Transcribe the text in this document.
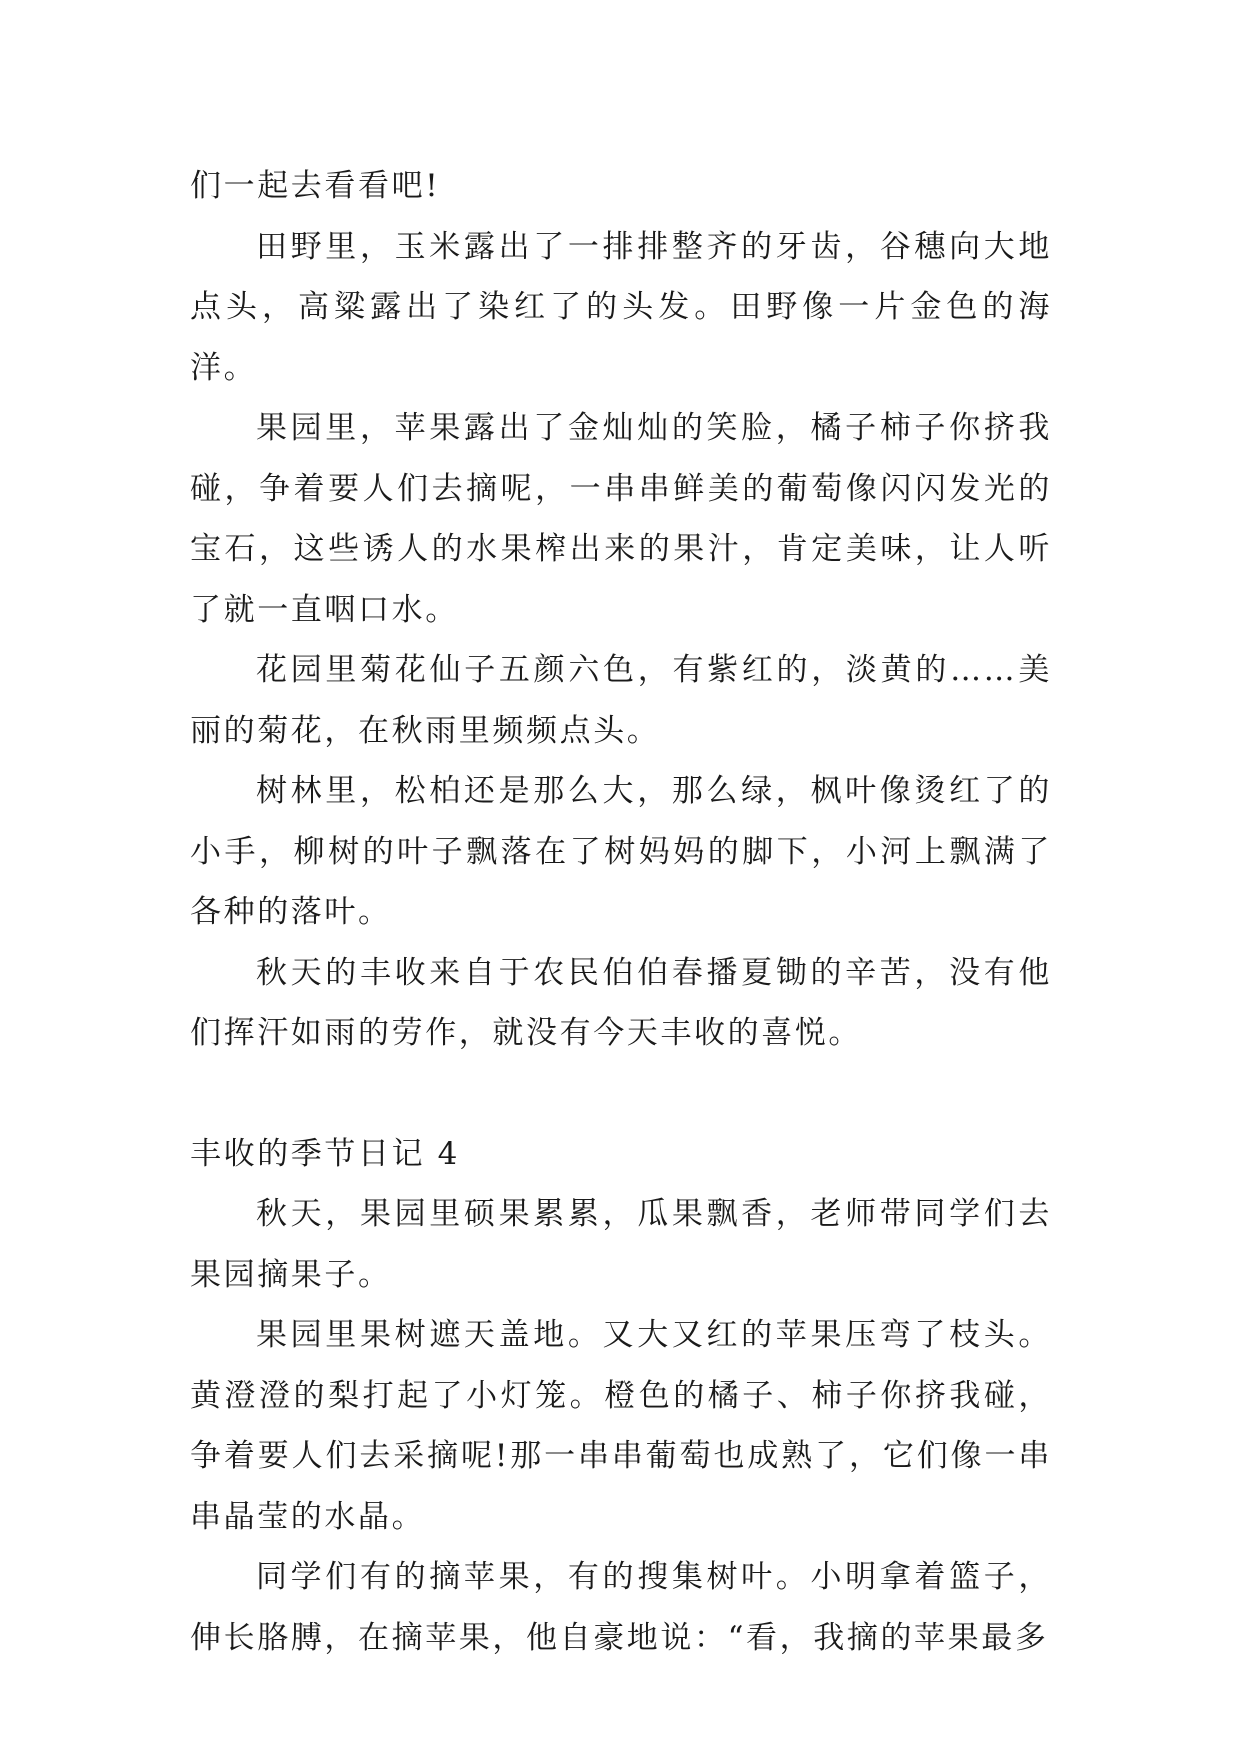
们一起去看看吧!

田野里，玉米露出了一排排整齐的牙齿，谷穗向大地点头，高粱露出了染红了的头发。田野像一片金色的海洋。

果园里，苹果露出了金灿灿的笑脸，橘子柿子你挤我碰，争着要人们去摘呢，一串串鲜美的葡萄像闪闪发光的宝石，这些诱人的水果榨出来的果汁，肯定美味，让人听了就一直咽口水。

花园里菊花仙子五颜六色，有紫红的，淡黄的……美丽的菊花，在秋雨里频频点头。

树林里，松柏还是那么大，那么绿，枫叶像烫红了的小手，柳树的叶子飘落在了树妈妈的脚下，小河上飘满了各种的落叶。

秋天的丰收来自于农民伯伯春播夏锄的辛苦，没有他们挥汗如雨的劳作，就没有今天丰收的喜悦。

丰收的季节日记 4

秋天，果园里硕果累累，瓜果飘香，老师带同学们去果园摘果子。

果园里果树遮天盖地。又大又红的苹果压弯了枝头。黄澄澄的梨打起了小灯笼。橙色的橘子、柿子你挤我碰，争着要人们去采摘呢!那一串串葡萄也成熟了，它们像一串串晶莹的水晶。

同学们有的摘苹果，有的搜集树叶。小明拿着篮子，伸长胳膊，在摘苹果，他自豪地说：“看，我摘的苹果最多
